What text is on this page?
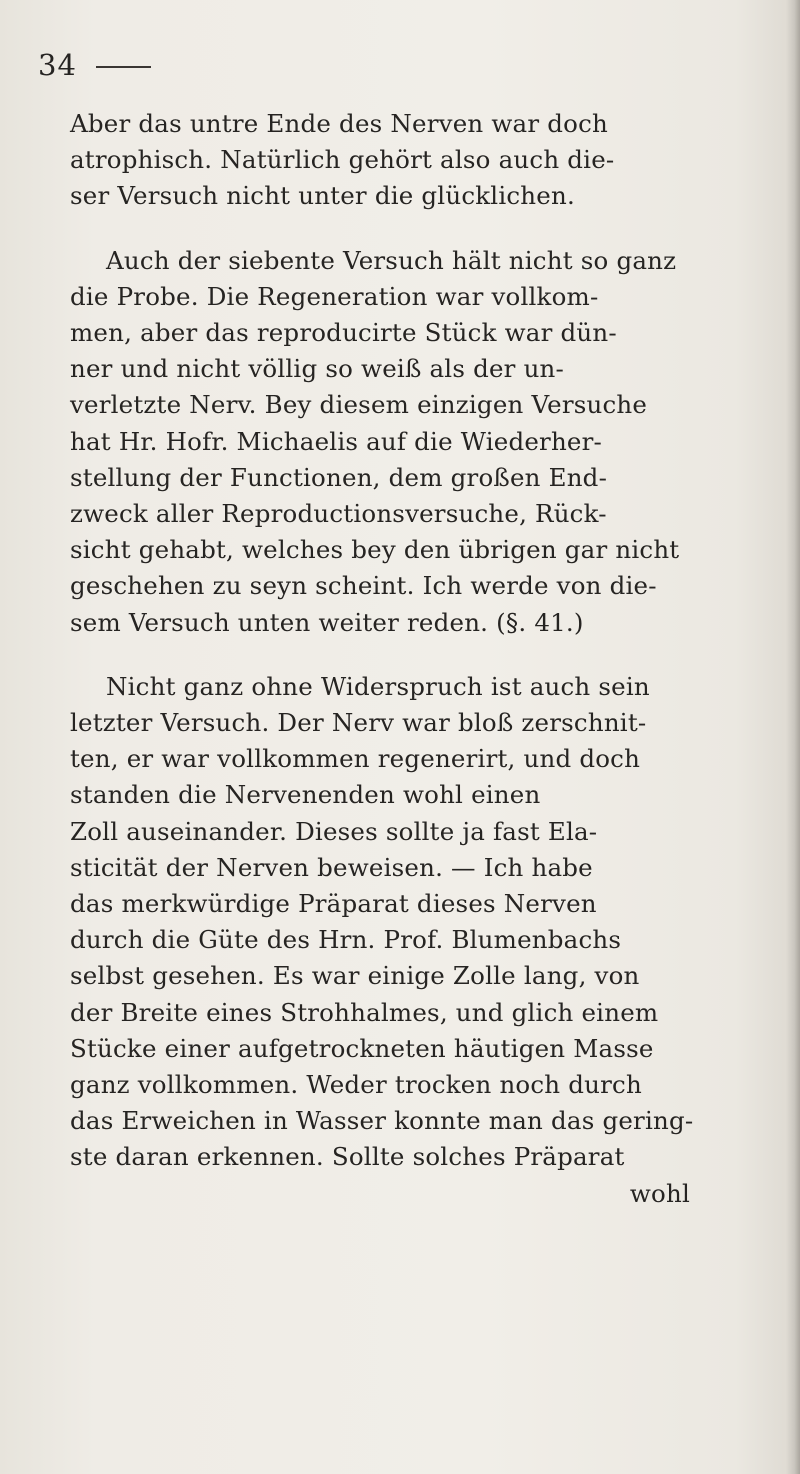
34
Aber das untre Ende des Nerven war doch
atrophisch. Natürlich gehört also auch die-
ser Versuch nicht unter die glücklichen.
Auch der siebente Versuch hält nicht so ganz
die Probe. Die Regeneration war vollkom-
men, aber das reproducirte Stück war dün-
ner und nicht völlig so weiß als der un-
verletzte Nerv. Bey diesem einzigen Versuche
hat Hr. Hofr. Michaelis auf die Wiederher-
stellung der Functionen, dem großen End-
zweck aller Reproductionsversuche, Rück-
sicht gehabt, welches bey den übrigen gar nicht
geschehen zu seyn scheint. Ich werde von die-
sem Versuch unten weiter reden. (§. 41.)
Nicht ganz ohne Widerspruch ist auch sein
letzter Versuch. Der Nerv war bloß zerschnit-
ten, er war vollkommen regenerirt, und doch
standen die Nervenenden wohl einen
Zoll auseinander. Dieses sollte ja fast Ela-
sticität der Nerven beweisen. — Ich habe
das merkwürdige Präparat dieses Nerven
durch die Güte des Hrn. Prof. Blumenbachs
selbst gesehen. Es war einige Zolle lang, von
der Breite eines Strohhalmes, und glich einem
Stücke einer aufgetrockneten häutigen Masse
ganz vollkommen. Weder trocken noch durch
das Erweichen in Wasser konnte man das gering-
ste daran erkennen. Sollte solches Präparat
wohl
